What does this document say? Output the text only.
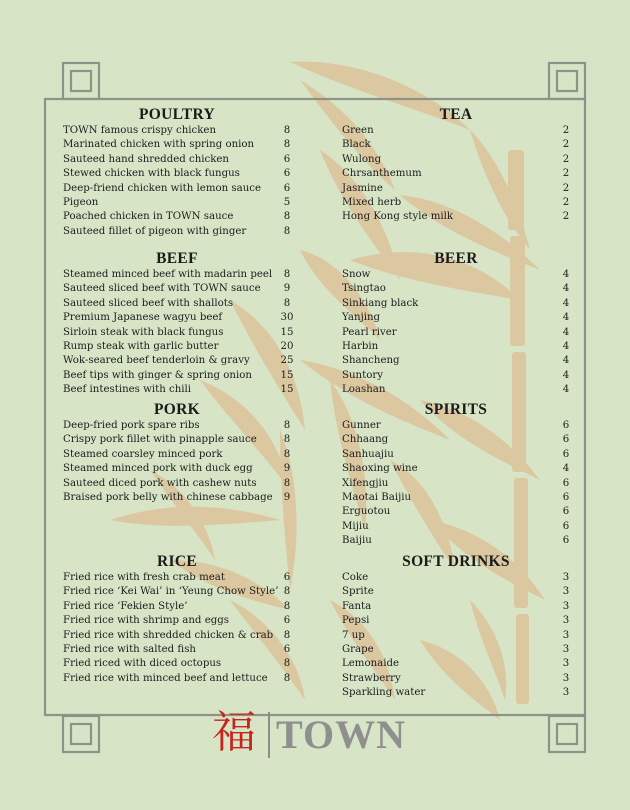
POULTRY
TOWN famous crispy chicken	8
Marinated chicken with spring onion	8
Sauteed hand shredded chicken	6
Stewed chicken with black fungus	6
Deep-friend chicken with lemon sauce	6
Pigeon	5
Poached chicken in TOWN sauce	8
Sauteed fillet of pigeon with ginger	8
BEEF
Steamed minced beef with madarin peel	8
Sauteed sliced beef with TOWN sauce	9
Sauteed sliced beef with shallots	8
Premium Japanese wagyu beef	30
Sirloin steak with black fungus	15
Rump steak with garlic butter	20
Wok-seared beef tenderloin & gravy	25
Beef tips with ginger & spring onion	15
Beef intestines with chili	15
PORK
Deep-fried pork spare ribs	8
Crispy pork fillet with pinapple sauce	8
Steamed coarsley minced pork	8
Steamed minced pork with duck egg	9
Sauteed diced pork with cashew nuts	8
Braised pork belly with chinese cabbage	9
RICE
Fried rice with fresh crab meat	6
Fried rice ‘Kei Wai’ in ‘Yeung Chow Style’ 8
Fried rice ‘Fekien Style’	8
Fried rice with shrimp and eggs	6
Fried rice with shredded chicken & crab	8
Fried rice with salted fish	6
Fried riced with diced octopus	8
Fried rice with minced beef and lettuce	8
TEA
Green	2
Black	2
Wulong	2
Chrsanthemum	2
Jasmine	2
Mixed herb	2
Hong Kong style milk	2
BEER
Snow	4
Tsingtao	4
Sinkiang black	4
Yanjing	4
Pearl river	4
Harbin	4
Shancheng	4
Suntory	4
Loashan	4
SPIRITS
Gunner	6
Chhaang	6
Sanhuajiu	6
Shaoxing wine	4
Xifengjiu	6
Maotai Baijiu	6
Erguotou	6
Mijiu	6
Baijiu	6
SOFT DRINKS
Coke	3
Sprite	3
Fanta	3
Pepsi	3
7 up	3
Grape	3
Lemonaide	3
Strawberry	3
Sparkling water	3
福 TOWN
